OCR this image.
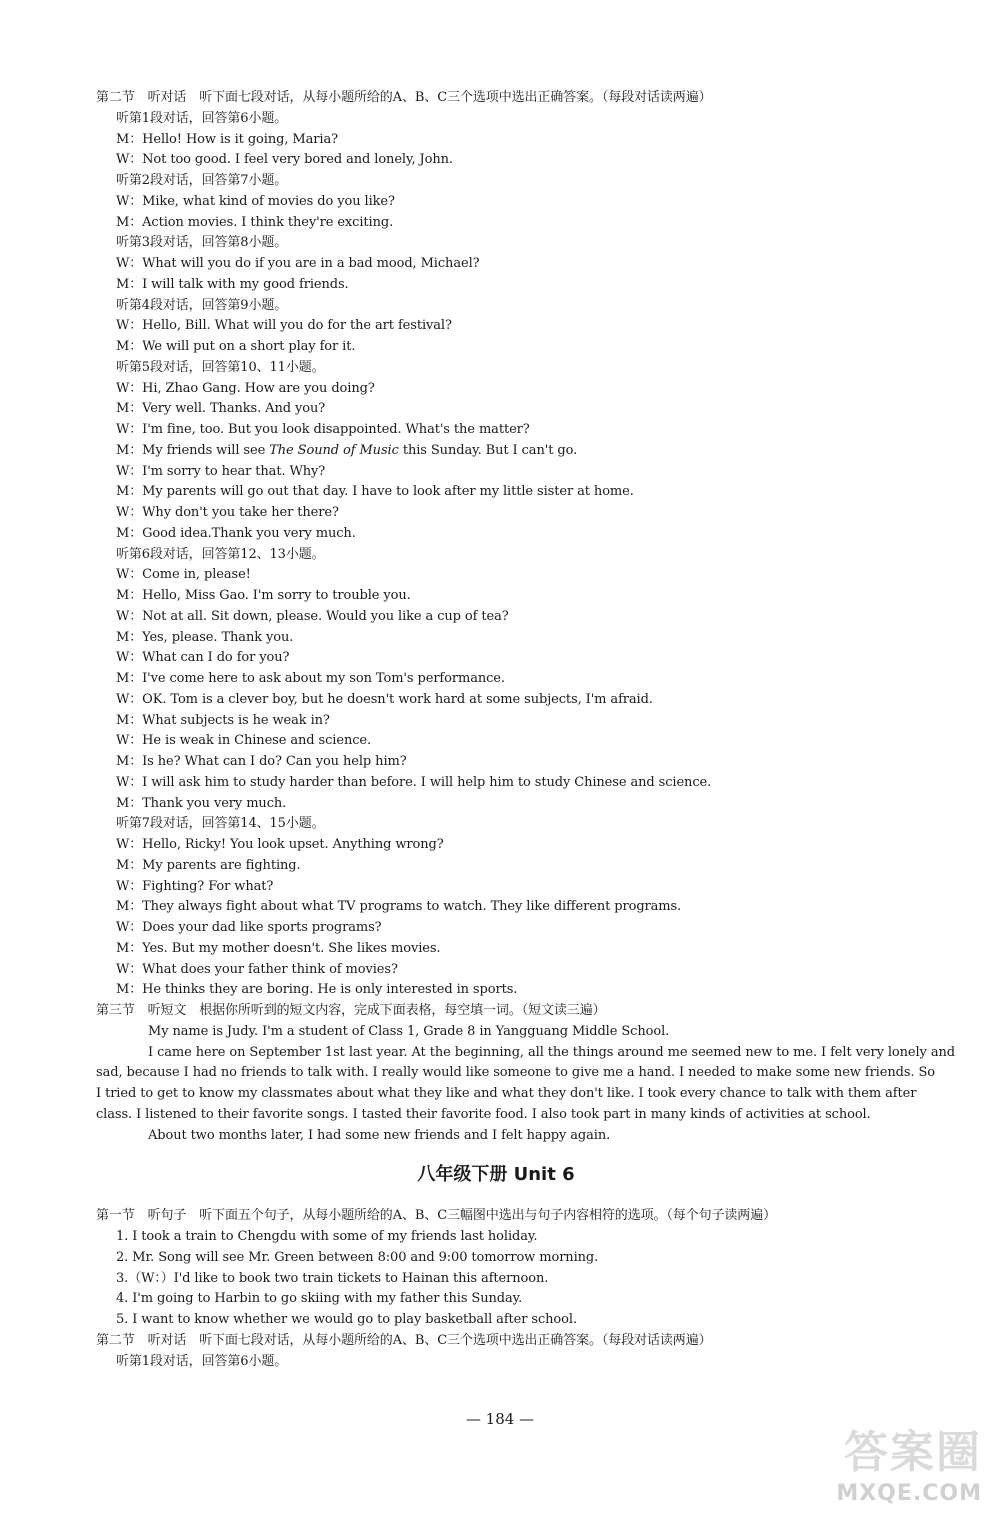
第二节　听对话　听下面七段对话，从每小题所给的A、B、C三个选项中选出正确答案。（每段对话读两遍）
听第1段对话，回答第6小题。
M：Hello! How is it going, Maria?
W：Not too good. I feel very bored and lonely, John.
听第2段对话，回答第7小题。
W：Mike, what kind of movies do you like?
M：Action movies. I think they're exciting.
听第3段对话，回答第8小题。
W：What will you do if you are in a bad mood, Michael?
M：I will talk with my good friends.
听第4段对话，回答第9小题。
W：Hello, Bill. What will you do for the art festival?
M：We will put on a short play for it.
听第5段对话，回答第10、11小题。
W：Hi, Zhao Gang. How are you doing?
M：Very well. Thanks. And you?
W：I'm fine, too. But you look disappointed. What's the matter?
M：My friends will see The Sound of Music this Sunday. But I can't go.
W：I'm sorry to hear that. Why?
M：My parents will go out that day. I have to look after my little sister at home.
W：Why don't you take her there?
M：Good idea.Thank you very much.
听第6段对话，回答第12、13小题。
W：Come in, please!
M：Hello, Miss Gao. I'm sorry to trouble you.
W：Not at all. Sit down, please. Would you like a cup of tea?
M：Yes, please. Thank you.
W：What can I do for you?
M：I've come here to ask about my son Tom's performance.
W：OK. Tom is a clever boy, but he doesn't work hard at some subjects, I'm afraid.
M：What subjects is he weak in?
W：He is weak in Chinese and science.
M：Is he? What can I do? Can you help him?
W：I will ask him to study harder than before. I will help him to study Chinese and science.
M：Thank you very much.
听第7段对话，回答第14、15小题。
W：Hello, Ricky! You look upset. Anything wrong?
M：My parents are fighting.
W：Fighting? For what?
M：They always fight about what TV programs to watch. They like different programs.
W：Does your dad like sports programs?
M：Yes. But my mother doesn't. She likes movies.
W：What does your father think of movies?
M：He thinks they are boring. He is only interested in sports.
第三节　听短文　根据你所听到的短文内容，完成下面表格，每空填一词。（短文读三遍）
My name is Judy. I'm a student of Class 1, Grade 8 in Yangguang Middle School.
I came here on September 1st last year. At the beginning, all the things around me seemed new to me. I felt very lonely and
sad, because I had no friends to talk with. I really would like someone to give me a hand. I needed to make some new friends. So
I tried to get to know my classmates about what they like and what they don't like. I took every chance to talk with them after
class. I listened to their favorite songs. I tasted their favorite food. I also took part in many kinds of activities at school.
About two months later, I had some new friends and I felt happy again.
八年级下册 Unit 6
第一节　听句子　听下面五个句子，从每小题所给的A、B、C三幅图中选出与句子内容相符的选项。（每个句子读两遍）
1. I took a train to Chengdu with some of my friends last holiday.
2. Mr. Song will see Mr. Green between 8:00 and 9:00 tomorrow morning.
3.（W：）I'd like to book two train tickets to Hainan this afternoon.
4. I'm going to Harbin to go skiing with my father this Sunday.
5. I want to know whether we would go to play basketball after school.
第二节　听对话　听下面七段对话，从每小题所给的A、B、C三个选项中选出正确答案。（每段对话读两遍）
听第1段对话，回答第6小题。
— 184 —
答案圈
MXQE.COM
